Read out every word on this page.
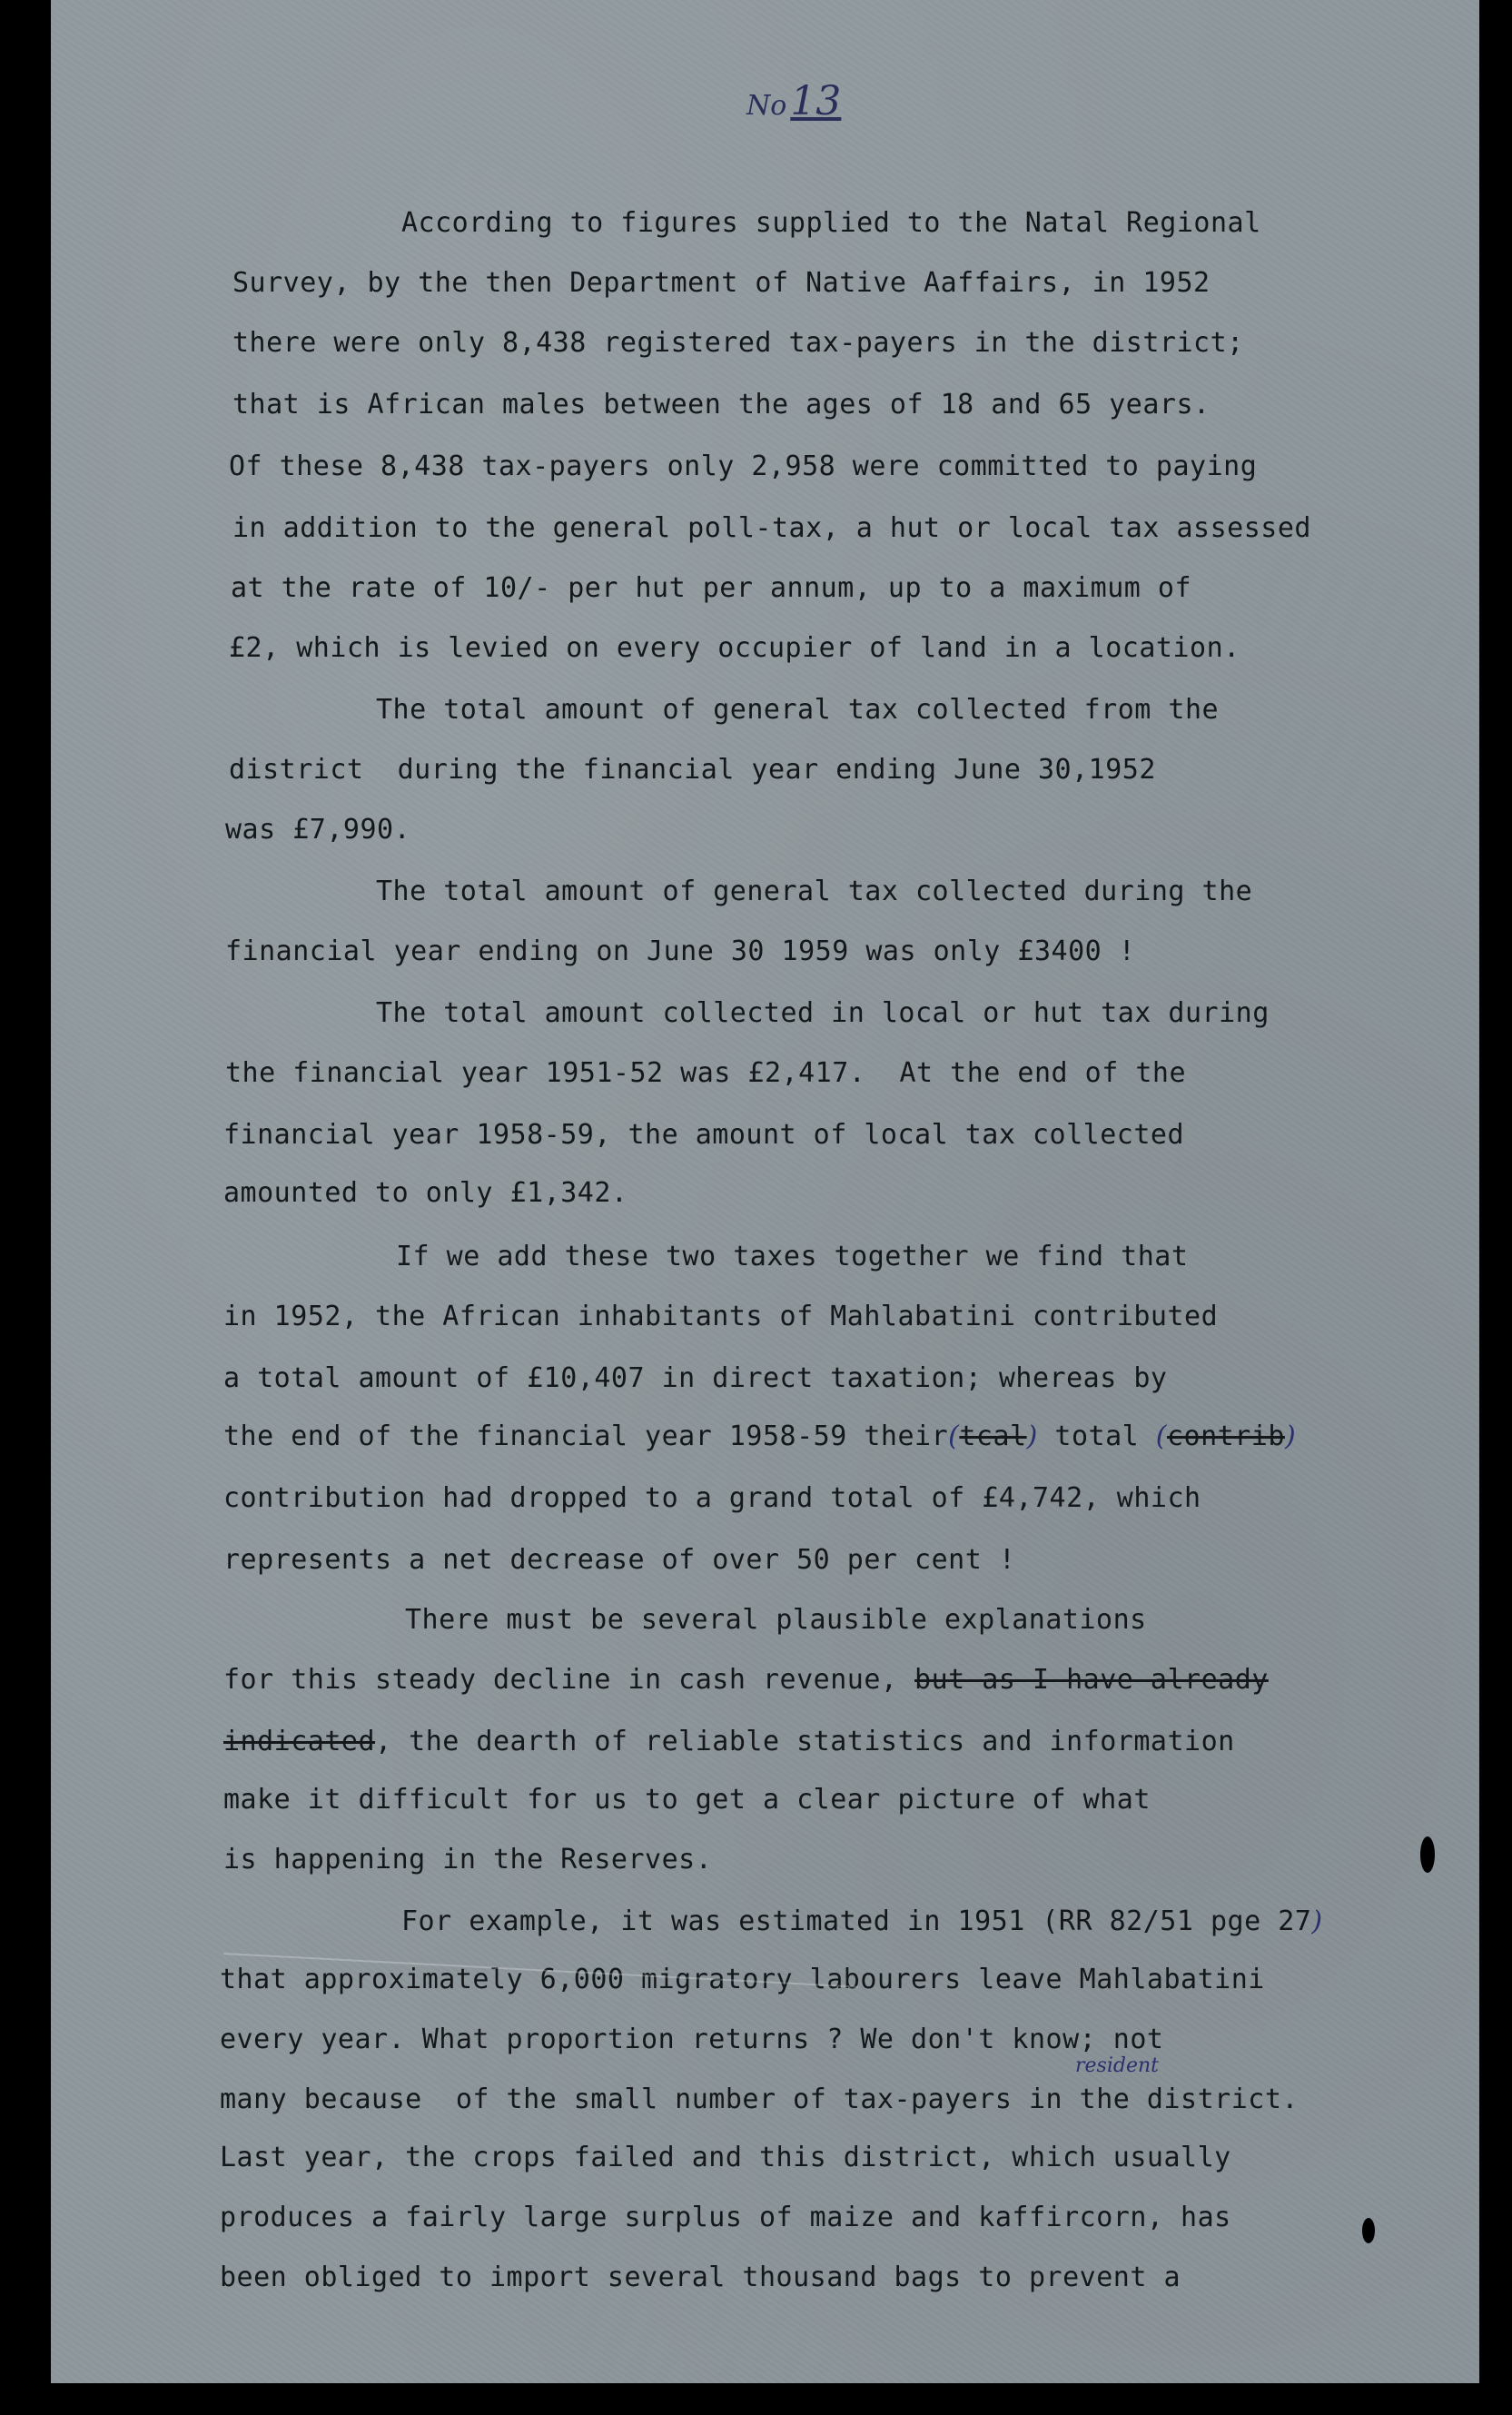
No13

According to figures supplied to the Natal Regional

Survey, by the then Department of Native Aaffairs, in 1952

there were only 8,438 registered tax-payers in the district;

that is African males between the ages of 18 and 65 years.

Of these 8,438 tax-payers only 2,958 were committed to paying

in addition to the general poll-tax, a hut or local tax assessed

at the rate of 10/- per hut per annum, up to a maximum of

£2, which is levied on every occupier of land in a location.

The total amount of general tax collected from the

district  during the financial year ending June 30,1952

was £7,990.

The total amount of general tax collected during the

financial year ending on June 30 1959 was only £3400 !

The total amount collected in local or hut tax during

the financial year 1951-52 was £2,417.  At the end of the

financial year 1958-59, the amount of local tax collected

amounted to only £1,342.

If we add these two taxes together we find that

in 1952, the African inhabitants of Mahlabatini contributed

a total amount of £10,407 in direct taxation; whereas by

the end of the financial year 1958-59 their(tcal) total (contrib)

contribution had dropped to a grand total of £4,742, which

represents a net decrease of over 50 per cent !

There must be several plausible explanations

for this steady decline in cash revenue, but as I have already

indicated, the dearth of reliable statistics and information

make it difficult for us to get a clear picture of what

is happening in the Reserves.

For example, it was estimated in 1951 (RR 82/51 pge 27)

that approximately 6,000 migratory labourers leave Mahlabatini

every year. What proportion returns ? We don't know; not

resident

many because  of the small number of tax-payers in the district.

Last year, the crops failed and this district, which usually

produces a fairly large surplus of maize and kaffircorn, has

been obliged to import several thousand bags to prevent a
